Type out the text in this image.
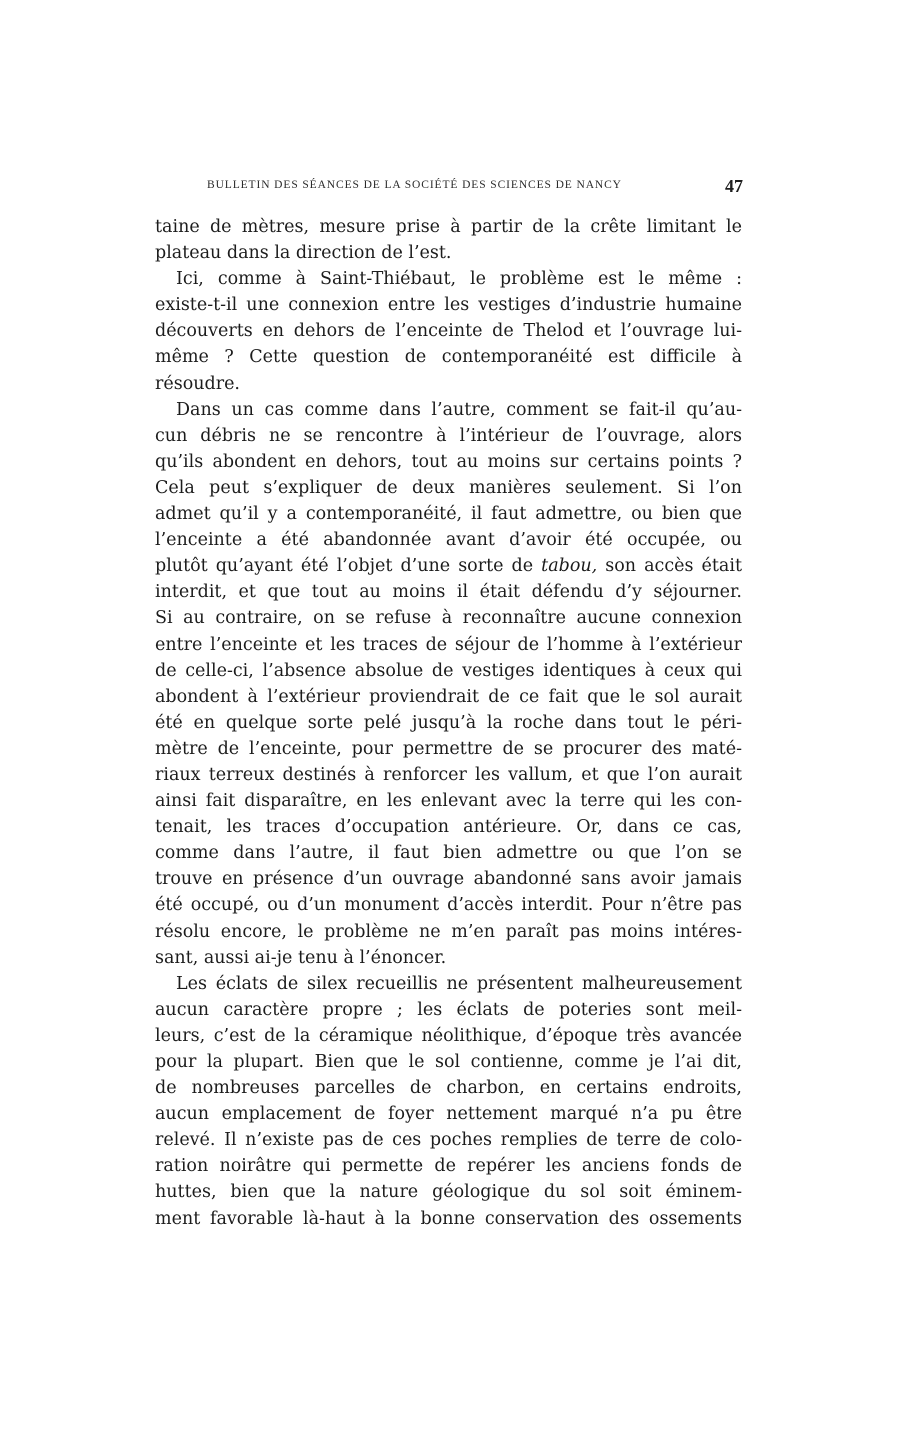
BULLETIN DES SÉANCES DE LA SOCIÉTÉ DES SCIENCES DE NANCY	47
taine de mètres, mesure prise à partir de la crête limitant le
plateau dans la direction de l’est.
Ici, comme à Saint-Thiébaut, le problème est le même :
existe-t-il une connexion entre les vestiges d’industrie humaine
découverts en dehors de l’enceinte de Thelod et l’ouvrage lui-
même ? Cette question de contemporanéité est difficile à
résoudre.
Dans un cas comme dans l’autre, comment se fait-il qu’au-
cun débris ne se rencontre à l’intérieur de l’ouvrage, alors
qu’ils abondent en dehors, tout au moins sur certains points ?
Cela peut s’expliquer de deux manières seulement. Si l’on
admet qu’il y a contemporanéité, il faut admettre, ou bien que
l’enceinte a été abandonnée avant d’avoir été occupée, ou
plutôt qu’ayant été l’objet d’une sorte de tabou, son accès était
interdit, et que tout au moins il était défendu d’y séjourner.
Si au contraire, on se refuse à reconnaître aucune connexion
entre l’enceinte et les traces de séjour de l’homme à l’extérieur
de celle-ci, l’absence absolue de vestiges identiques à ceux qui
abondent à l’extérieur proviendrait de ce fait que le sol aurait
été en quelque sorte pelé jusqu’à la roche dans tout le péri-
mètre de l’enceinte, pour permettre de se procurer des maté-
riaux terreux destinés à renforcer les vallum, et que l’on aurait
ainsi fait disparaître, en les enlevant avec la terre qui les con-
tenait, les traces d’occupation antérieure. Or, dans ce cas,
comme dans l’autre, il faut bien admettre ou que l’on se
trouve en présence d’un ouvrage abandonné sans avoir jamais
été occupé, ou d’un monument d’accès interdit. Pour n’être pas
résolu encore, le problème ne m’en paraît pas moins intéres-
sant, aussi ai-je tenu à l’énoncer.
Les éclats de silex recueillis ne présentent malheureusement
aucun caractère propre ; les éclats de poteries sont meil-
leurs, c’est de la céramique néolithique, d’époque très avancée
pour la plupart. Bien que le sol contienne, comme je l’ai dit,
de nombreuses parcelles de charbon, en certains endroits,
aucun emplacement de foyer nettement marqué n’a pu être
relevé. Il n’existe pas de ces poches remplies de terre de colo-
ration noirâtre qui permette de repérer les anciens fonds de
huttes, bien que la nature géologique du sol soit éminem-
ment favorable là-haut à la bonne conservation des ossements
